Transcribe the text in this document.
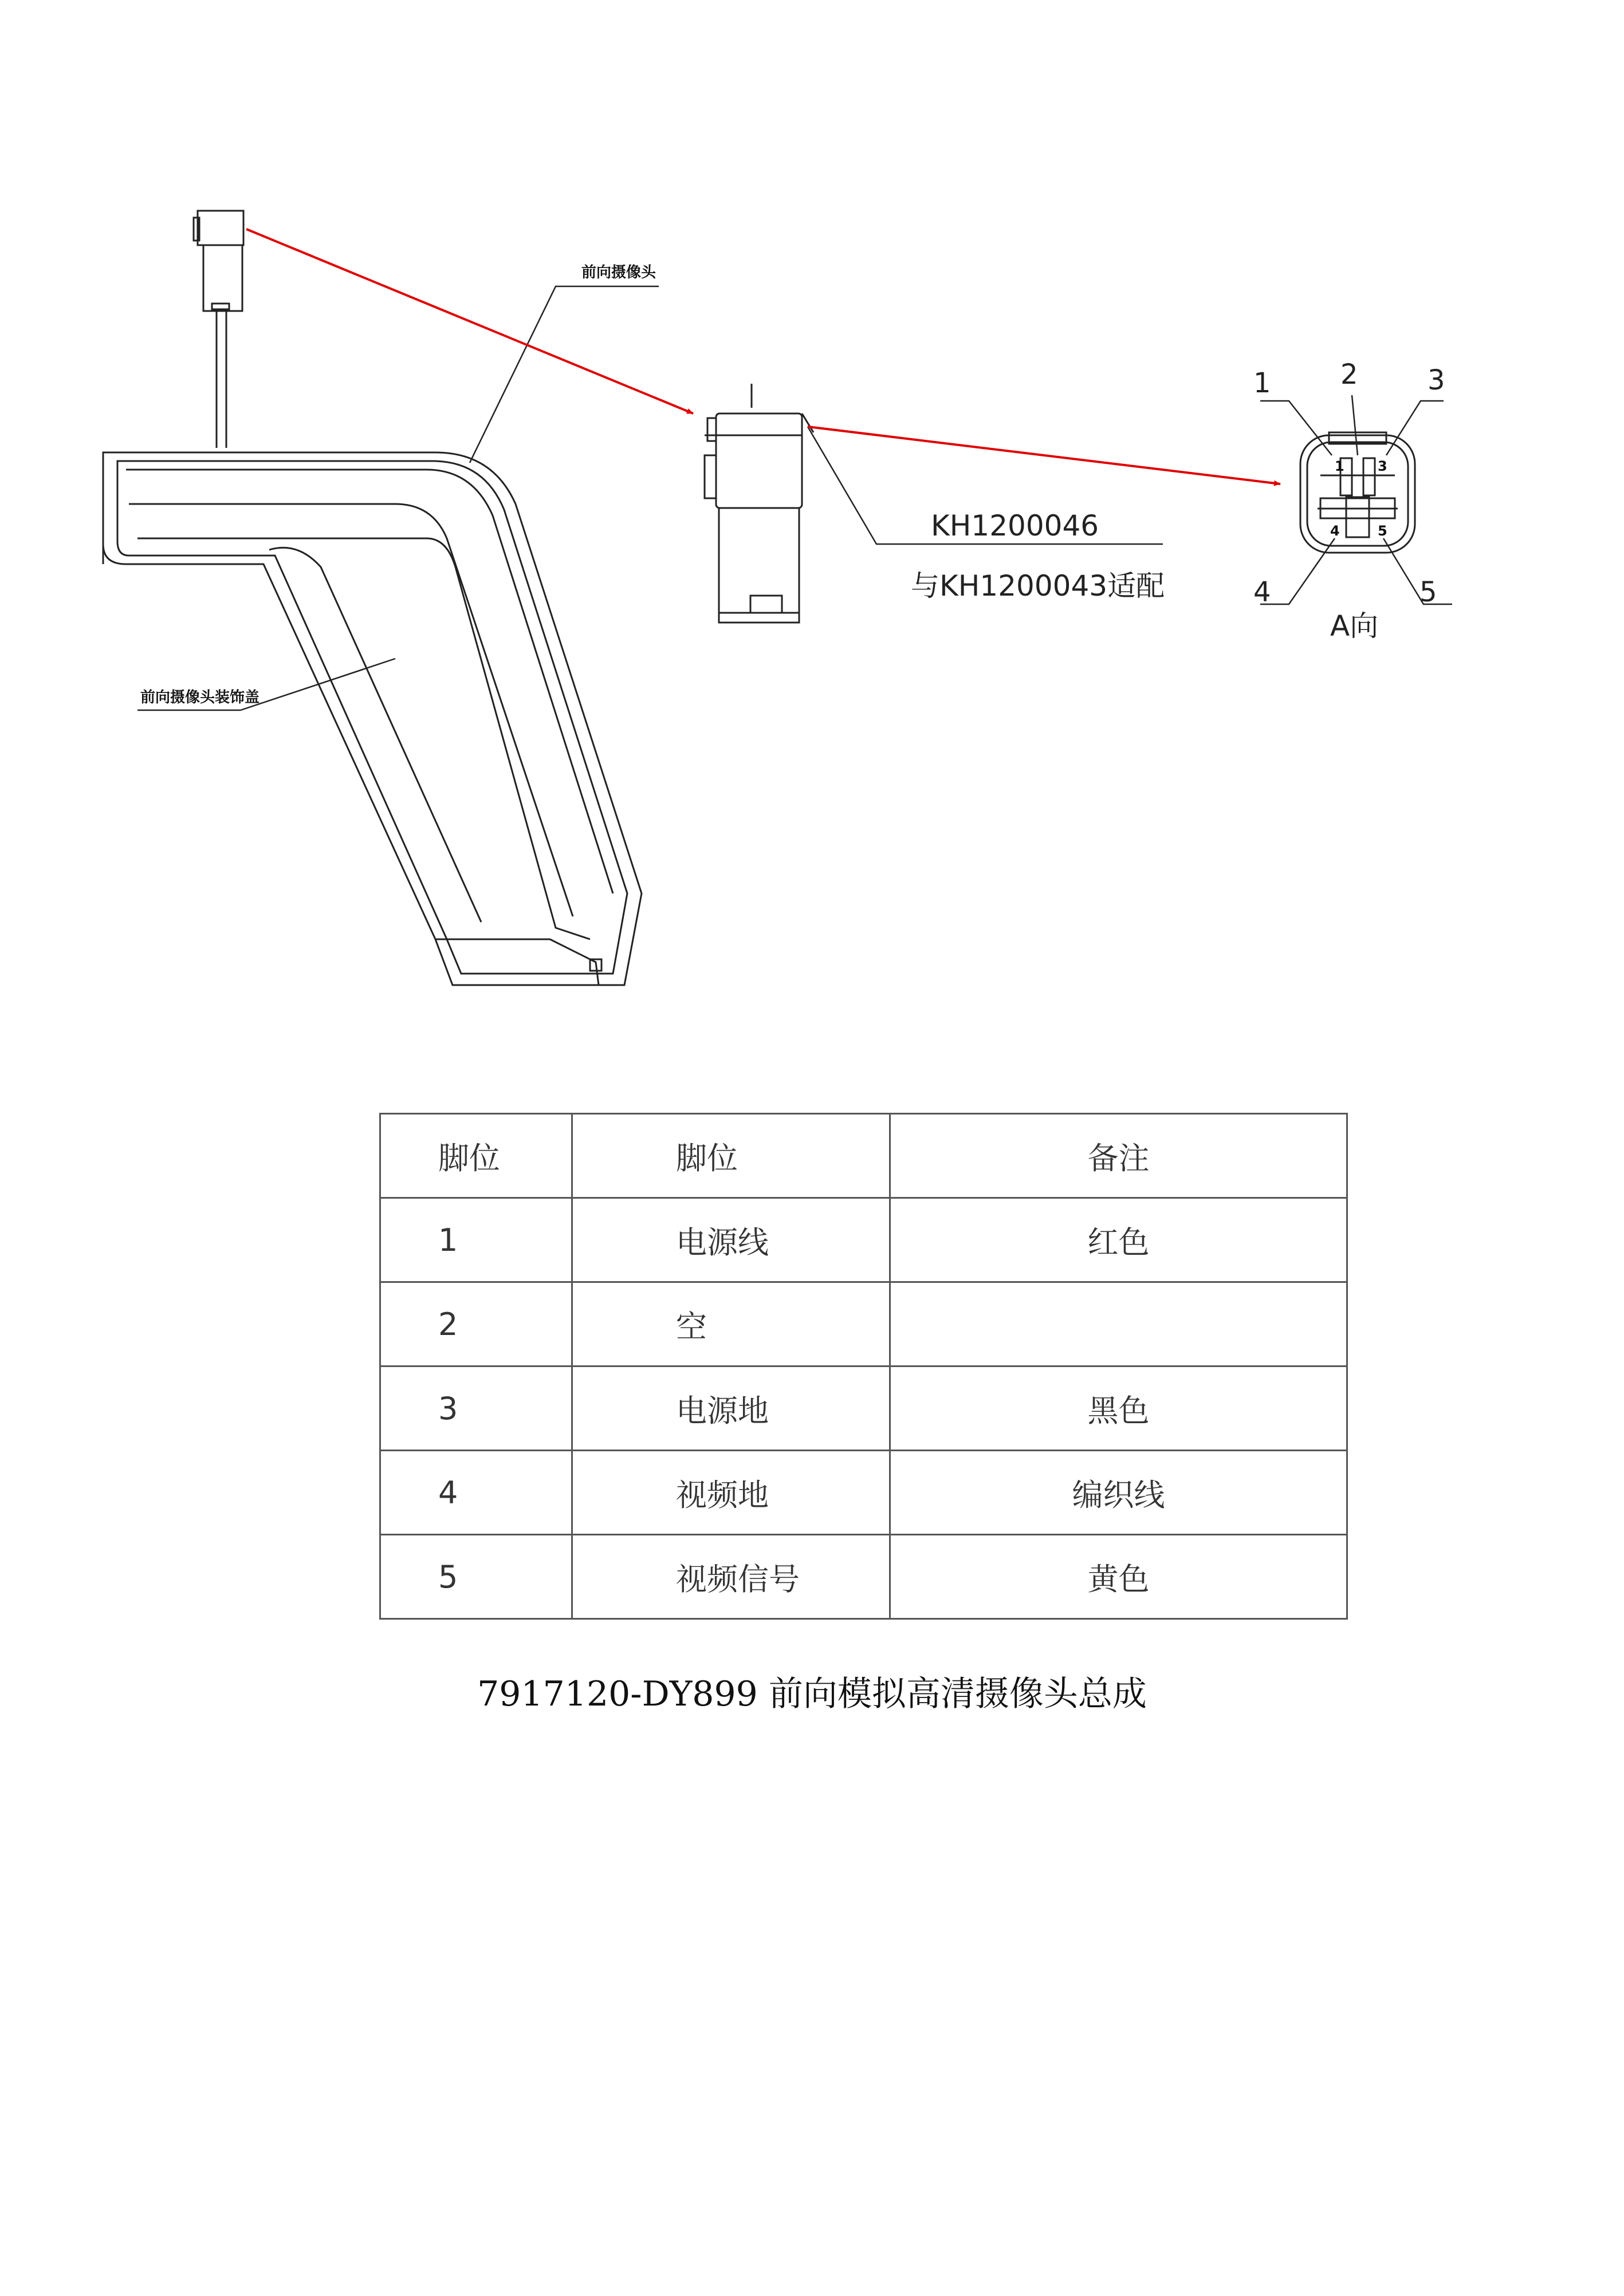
前向摄像头
前向摄像头装饰盖
KH1200046
与KH1200043适配
1 3
4	5
1	2	3
4	5
A向
脚位	脚位	备注
1	电源线	红色
2	空	
3	电源地	黑色
4	视频地	编织线
5	视频信号	黄色
7917120-DY899 前向模拟高清摄像头总成
